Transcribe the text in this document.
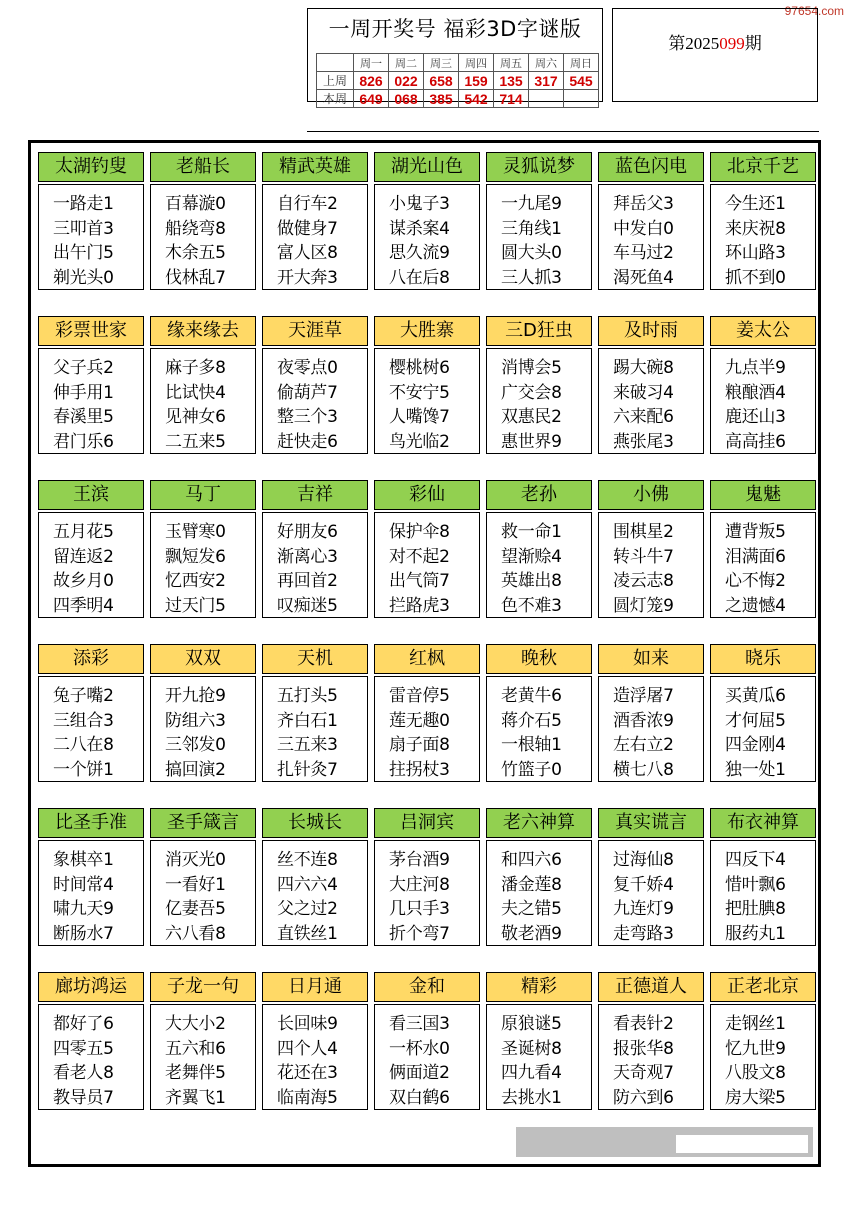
97654.com
一周开奖号 福彩3D字谜版
	周一	周二	周三	周四	周五	周六	周日
上周	826	022	658	159	135	317	545
本周	649	068	385	542	714		
第2025099期
太湖钓叟
一路走1
三叩首3
出午门5
剃光头0
老船长
百幕漩0
船绕弯8
木余五5
伐林乱7
精武英雄
自行车2
做健身7
富人区8
开大奔3
湖光山色
小鬼子3
谋杀案4
思久流9
八在后8
灵狐说梦
一九尾9
三角线1
圆大头0
三人抓3
蓝色闪电
拜岳父3
中发白0
车马过2
渴死鱼4
北京千艺
今生还1
来庆祝8
环山路3
抓不到0
彩票世家
父子兵2
伸手用1
春溪里5
君门乐6
缘来缘去
麻子多8
比试快4
见神女6
二五来5
天涯草
夜零点0
偷葫芦7
整三个3
赶快走6
大胜寨
樱桃树6
不安宁5
人嘴馋7
鸟光临2
三D狂虫
消博会5
广交会8
双惠民2
惠世界9
及时雨
踢大碗8
来破习4
六来配6
燕张尾3
姜太公
九点半9
粮酿酒4
鹿还山3
高高挂6
王滨
五月花5
留连返2
故乡月0
四季明4
马丁
玉臂寒0
飘短发6
忆西安2
过天门5
吉祥
好朋友6
渐离心3
再回首2
叹痴迷5
彩仙
保护伞8
对不起2
出气筒7
拦路虎3
老孙
救一命1
望渐赊4
英雄出8
色不难3
小佛
围棋星2
转斗牛7
凌云志8
圆灯笼9
鬼魅
遭背叛5
泪满面6
心不悔2
之遗憾4
添彩
兔子嘴2
三组合3
二八在8
一个饼1
双双
开九抢9
防组六3
三邻发0
搞回演2
天机
五打头5
齐白石1
三五来3
扎针灸7
红枫
雷音停5
莲无趣0
扇子面8
拄拐杖3
晚秋
老黄牛6
蒋介石5
一根轴1
竹篮子0
如来
造浮屠7
酒香浓9
左右立2
横七八8
晓乐
买黄瓜6
才何屈5
四金刚4
独一处1
比圣手准
象棋卒1
时间常4
啸九天9
断肠水7
圣手箴言
消灭光0
一看好1
亿妻吾5
六八看8
长城长
丝不连8
四六六4
父之过2
直铁丝1
吕洞宾
茅台酒9
大庄河8
几只手3
折个弯7
老六神算
和四六6
潘金莲8
夫之错5
敬老酒9
真实谎言
过海仙8
复千娇4
九连灯9
走弯路3
布衣神算
四反下4
惜叶飘6
把肚腆8
服药丸1
廊坊鸿运
都好了6
四零五5
看老人8
教导员7
子龙一句
大大小2
五六和6
老舞伴5
齐翼飞1
日月通
长回味9
四个人4
花还在3
临南海5
金和
看三国3
一杯水0
俩面道2
双白鹤6
精彩
原狼谜5
圣诞树8
四九看4
去挑水1
正德道人
看表针2
报张华8
天奇观7
防六到6
正老北京
走钢丝1
忆九世9
八股文8
房大梁5
